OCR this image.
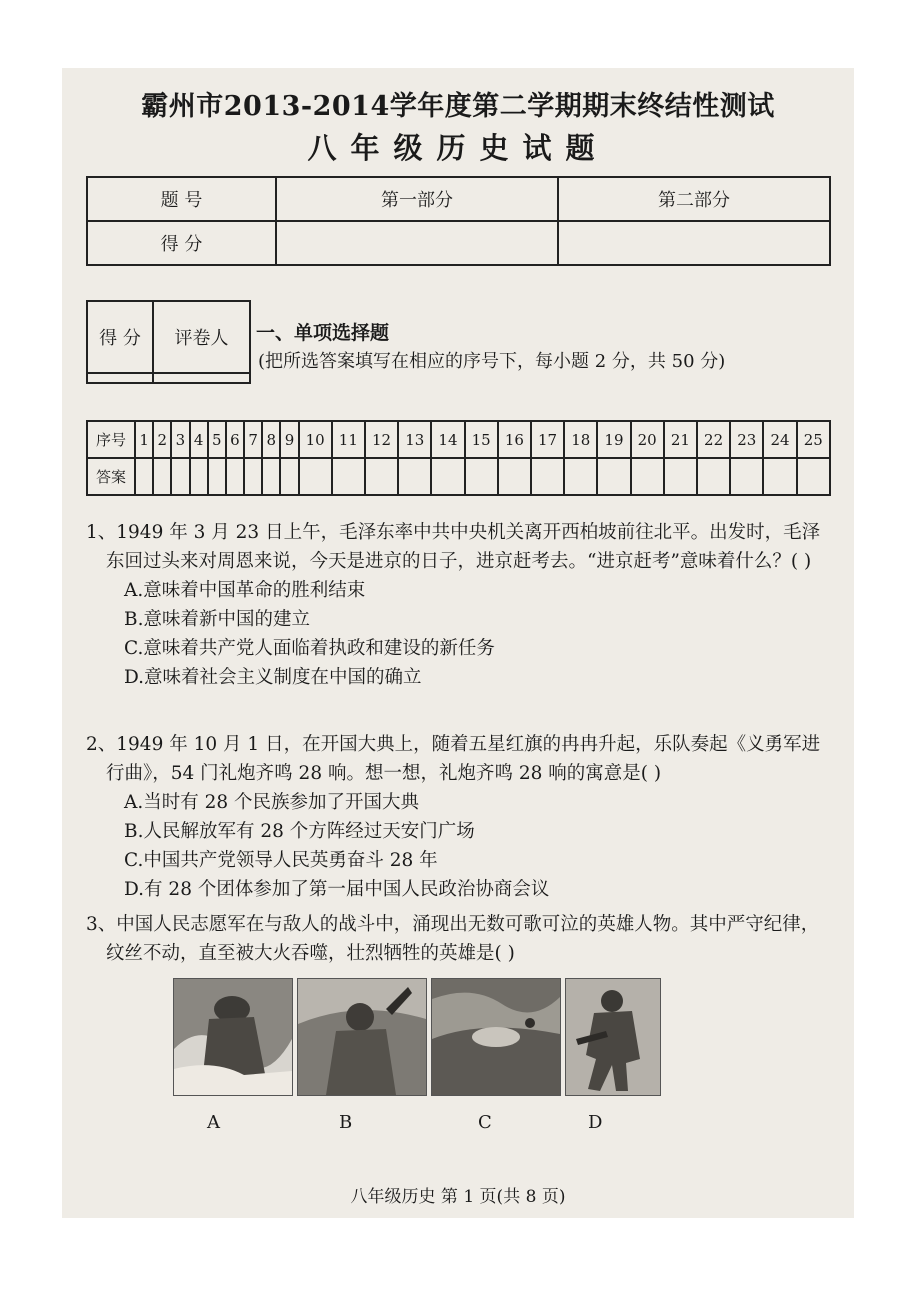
霸州市2013-2014学年度第二学期期末终结性测试
八年级历史试题
题 号	第一部分	第二部分
得 分		
得 分	评卷人
	一、单项选择题
(把所选答案填写在相应的序号下，每小题 2 分，共 50 分)
序号	1	2	3	4	5	6	7	8	9	10	11	12	13	14	15	16	17	18	19	20	21	22	23	24	25
答案																									
1、1949 年 3 月 23 日上午，毛泽东率中共中央机关离开西柏坡前往北平。出发时，毛泽东回过头来对周恩来说，今天是进京的日子，进京赶考去。“进京赶考”意味着什么？( )
A.意味着中国革命的胜利结束
B.意味着新中国的建立
C.意味着共产党人面临着执政和建设的新任务
D.意味着社会主义制度在中国的确立
2、1949 年 10 月 1 日，在开国大典上，随着五星红旗的冉冉升起，乐队奏起《义勇军进行曲》，54 门礼炮齐鸣 28 响。想一想，礼炮齐鸣 28 响的寓意是( )
A.当时有 28 个民族参加了开国大典
B.人民解放军有 28 个方阵经过天安门广场
C.中国共产党领导人民英勇奋斗 28 年
D.有 28 个团体参加了第一届中国人民政治协商会议
3、中国人民志愿军在与敌人的战斗中，涌现出无数可歌可泣的英雄人物。其中严守纪律，纹丝不动，直至被大火吞噬，壮烈牺牲的英雄是( )
A	B	C	D
八年级历史 第 1 页(共 8 页)
